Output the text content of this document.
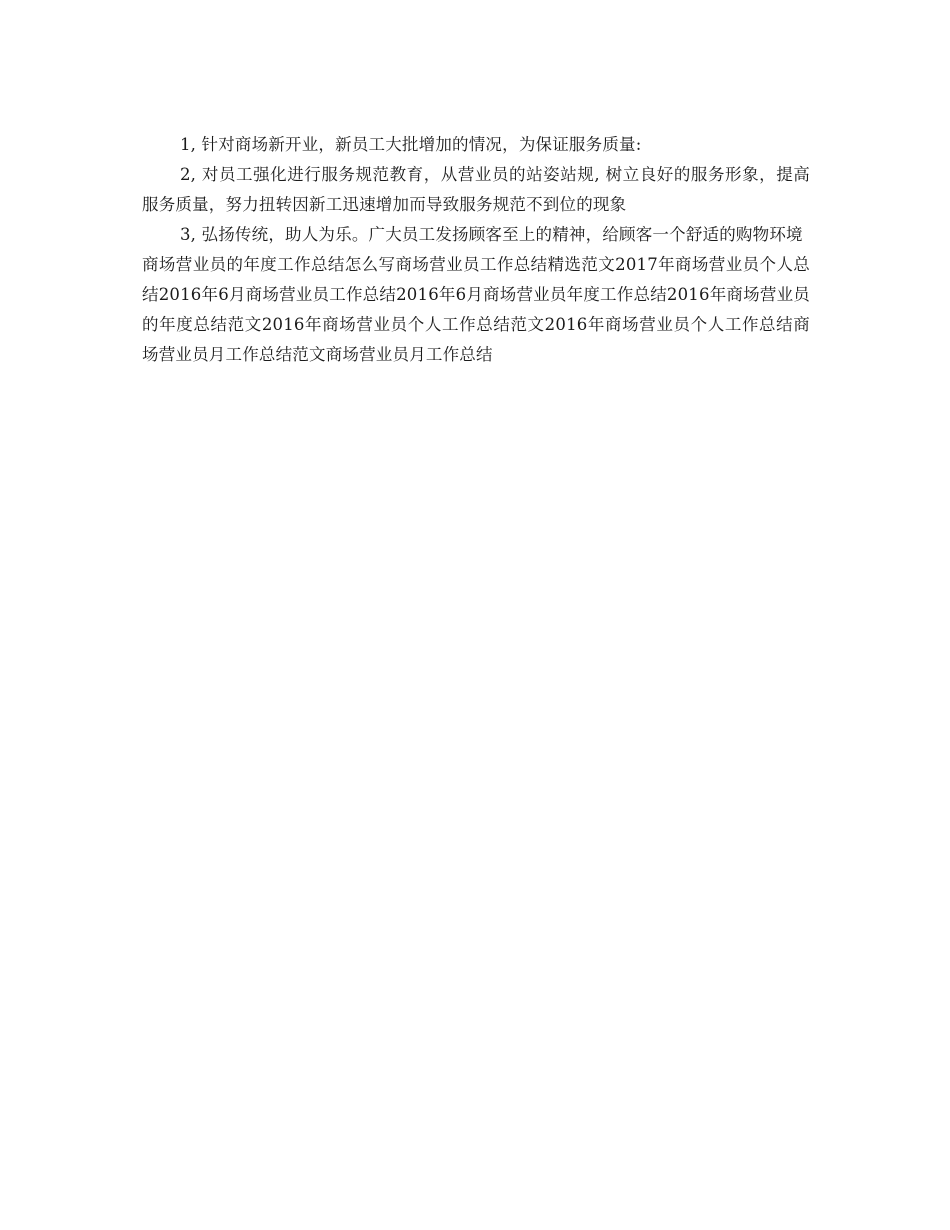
1, 针对商场新开业，新员工大批增加的情况，为保证服务质量:

2, 对员工强化进行服务规范教育，从营业员的站姿站规, 树立良好的服务形象，提高服务质量，努力扭转因新工迅速增加而导致服务规范不到位的现象

3, 弘扬传统，助人为乐。广大员工发扬顾客至上的精神，给顾客一个舒适的购物环境

商场营业员的年度工作总结怎么写商场营业员工作总结精选范文2017年商场营业员个人总结2016年6月商场营业员工作总结2016年6月商场营业员年度工作总结2016年商场营业员的年度总结范文2016年商场营业员个人工作总结范文2016年商场营业员个人工作总结商场营业员月工作总结范文商场营业员月工作总结
